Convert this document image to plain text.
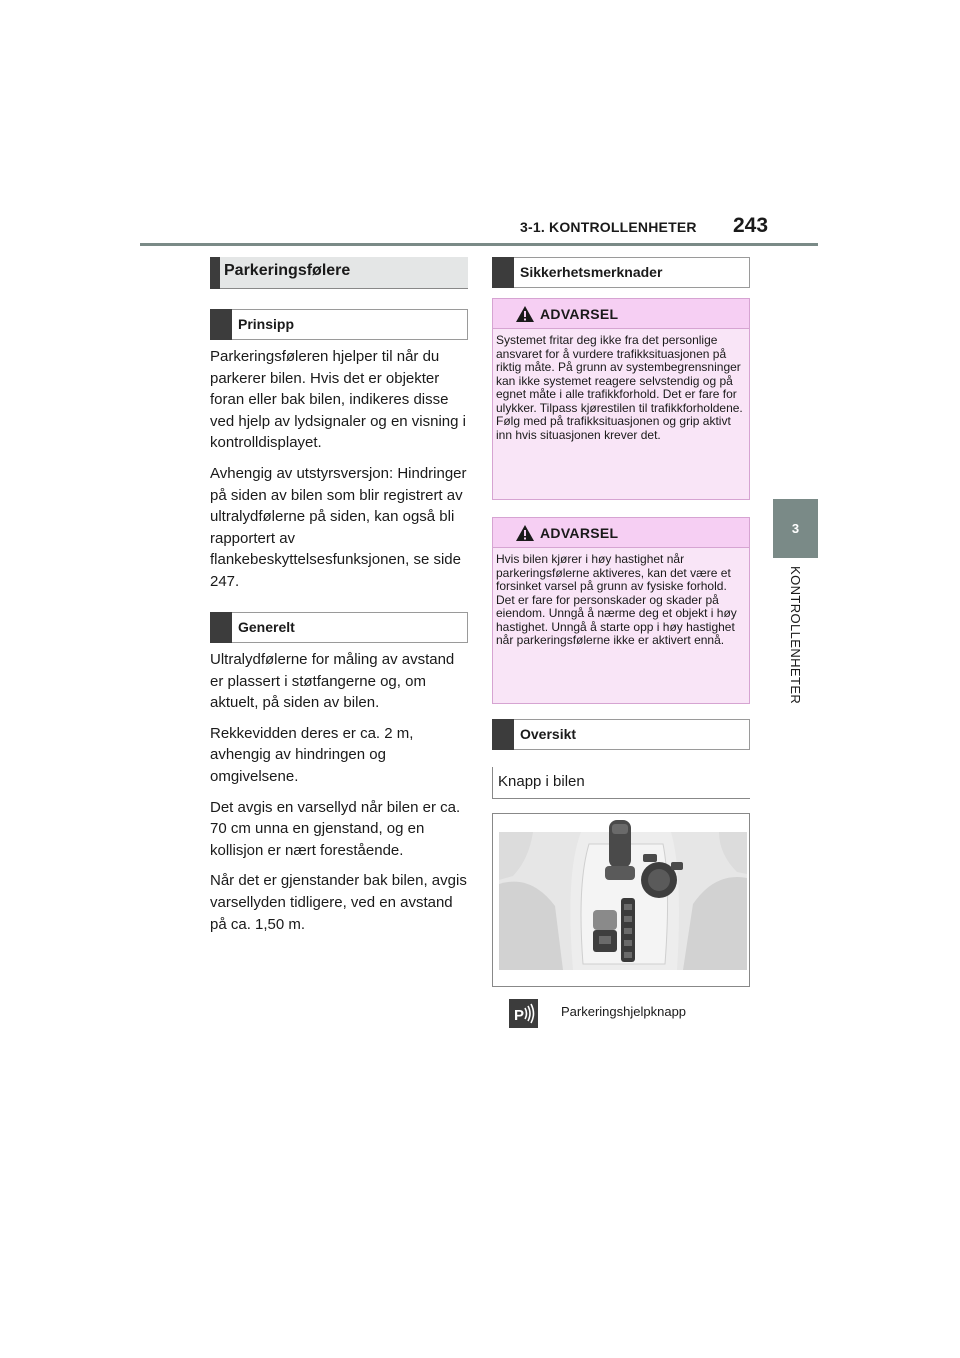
3-1. KONTROLLENHETER 243
3
KONTROLLENHETER
Parkeringsfølere
Prinsipp

Parkeringsføleren hjelper til når du parkerer bilen. Hvis det er objekter foran eller bak bilen, indikeres disse ved hjelp av lydsignaler og en visning i kontrolldisplayet.

Avhengig av utstyrsversjon: Hindringer på siden av bilen som blir registrert av ultralydfølerne på siden, kan også bli rapportert av flankebeskyttelsesfunksjonen, se side 247.

Generelt

Ultralydfølerne for måling av avstand er plassert i støtfangerne og, om aktuelt, på siden av bilen.

Rekkevidden deres er ca. 2 m, avhengig av hindringen og omgivelsene.

Det avgis en varsellyd når bilen er ca. 70 cm unna en gjenstand, og en kollisjon er nært forestående.

Når det er gjenstander bak bilen, avgis varsellyden tidligere, ved en avstand på ca. 1,50 m.

Sikkerhetsmerknader
ADVARSEL
Systemet fritar deg ikke fra det personlige ansvaret for å vurdere trafikksituasjonen på riktig måte. På grunn av systembegrensninger kan ikke systemet reagere selvstendig og på egnet måte i alle trafikkforhold. Det er fare for ulykker. Tilpass kjørestilen til trafikkforholdene. Følg med på trafikksituasjonen og grip aktivt inn hvis situasjonen krever det.
ADVARSEL
Hvis bilen kjører i høy hastighet når parkeringsfølerne aktiveres, kan det være et forsinket varsel på grunn av fysiske forhold. Det er fare for personskader og skader på eiendom. Unngå å nærme deg et objekt i høy hastighet. Unngå å starte opp i høy hastighet når parkeringsfølerne ikke er aktivert ennå.
Oversikt
Knapp i bilen
P	Parkeringshjelpknapp
